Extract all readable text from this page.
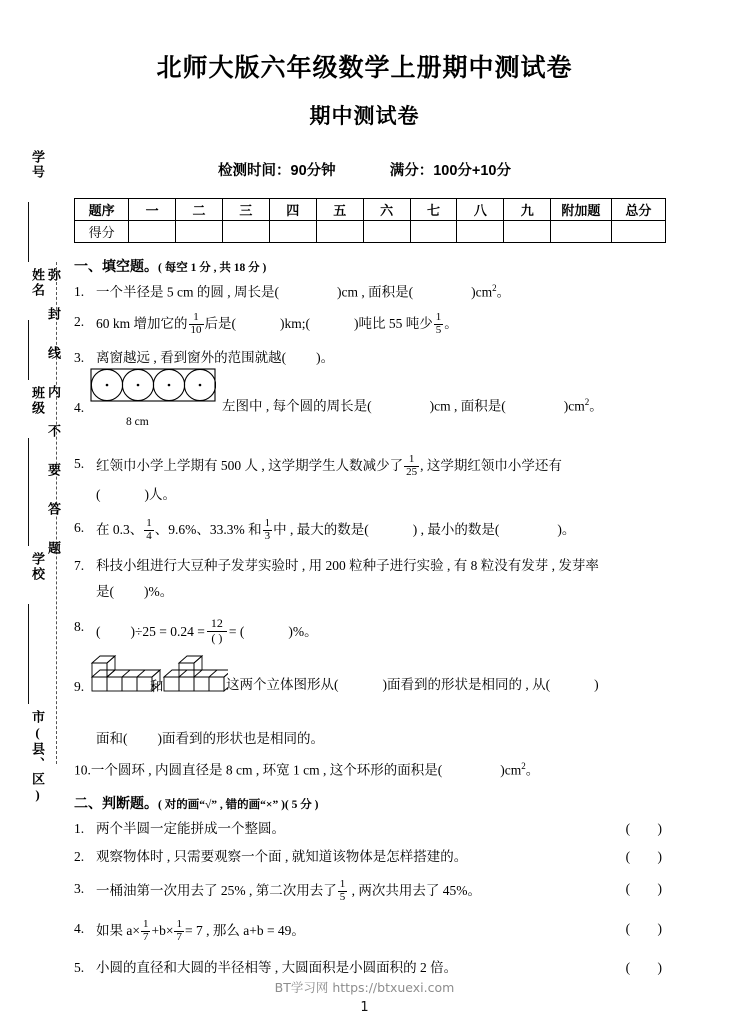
学号
姓名
班级
学校
市(县、区)
弥封线内不要答题
北师大版六年级数学上册期中测试卷
期中测试卷
检测时间：90分钟	满分：100分+10分
题序	一	二	三	四	五	六	七	八	九	附加题	总分
得分											
一、填空题。( 每空 1 分 , 共 18 分 )
1. 一个半径是 5 cm 的圆 , 周长是(	)cm , 面积是(	)$cm^2$。
2. 60 km 增加它的 $\frac{1}{10}$ 后是(	)km;(	)吨比 55 吨少 $\frac{1}{5}$ 。
3. 离窗越远 , 看到窗外的范围就越( )。
4.
8 cm
左图中 , 每个圆的周长是(	)cm , 面积是(	)$cm^2$。
5. 红领巾小学上学期有 500 人 , 这学期学生人数减少了 $\frac{1}{25}$ , 这学期红领巾小学还有
(	)人。
6. 在 0.3、 $\frac{1}{4}$ 、9.6%、33.3% 和 $\frac{1}{3}$ 中 , 最大的数是(	) , 最小的数是(	)。
7. 科技小组进行大豆种子发芽实验时 , 用 200 粒种子进行实验 , 有 8 粒没有发芽 , 发芽率
是( )%。
8. ( )$\div 25 = 0.24 = \frac{12}{( )}$ = (	)%。
9.	和	这两个立体图形从(	)面看到的形状是相同的 , 从(	)
面和( )面看到的形状也是相同的。
10.一个圆环 , 内圆直径是 8 cm , 环宽 1 cm , 这个环形的面积是(	)$cm^2$。
二、判断题。( 对的画“√” , 错的画“×” )( 5 分 )
1. 两个半圆一定能拼成一个整圆。	( )
2. 观察物体时 , 只需要观察一个面 , 就知道该物体是怎样搭建的。	( )
3. 一桶油第一次用去了 25% , 第二次用去了 $\frac{1}{5}$ , 两次共用去了 45%。	( )
4. 如果 $a\times \frac{1}{7} +b\times \frac{1}{7} = 7$ , 那么 a+b = 49。	( )
5. 小圆的直径和大圆的半径相等 , 大圆面积是小圆面积的 2 倍。	( )
BT学习网 https://btxuexi.com
1
